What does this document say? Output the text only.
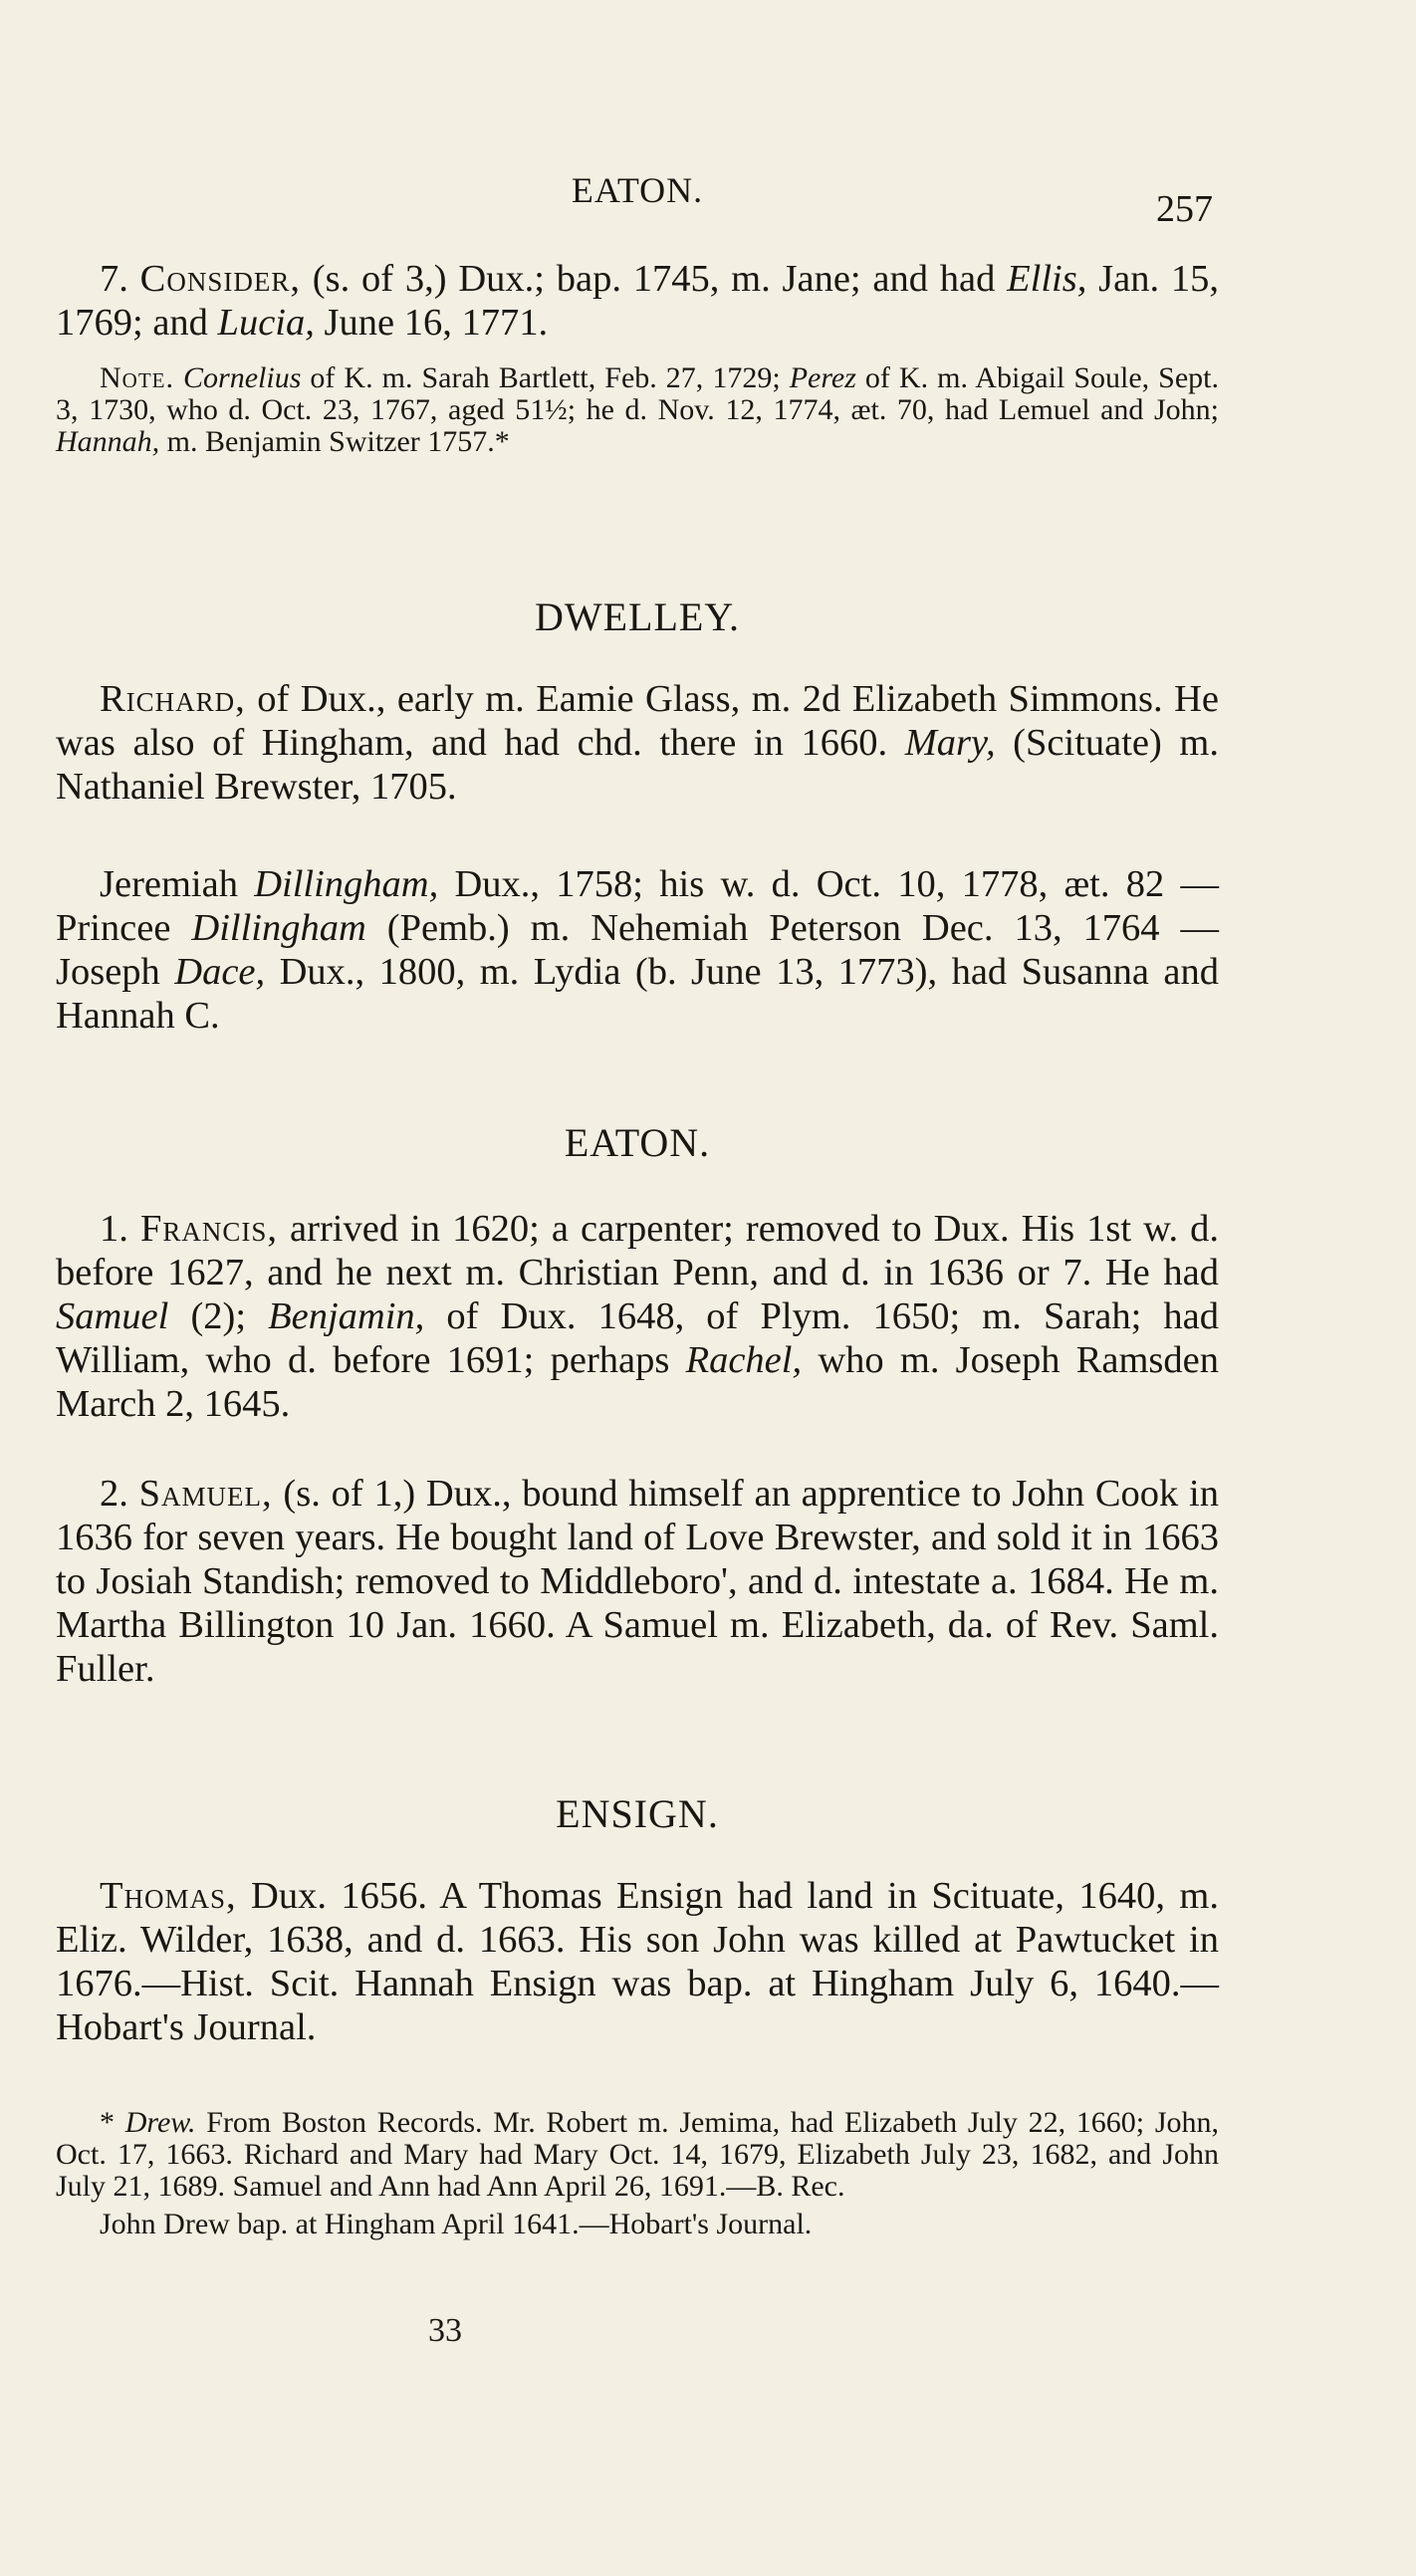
EATON.	257

7. Consider, (s. of 3,) Dux.; bap. 1745, m. Jane; and had Ellis, Jan. 15, 1769; and Lucia, June 16, 1771.

Note. Cornelius of K. m. Sarah Bartlett, Feb. 27, 1729; Perez of K. m. Abigail Soule, Sept. 3, 1730, who d. Oct. 23, 1767, aged 51½; he d. Nov. 12, 1774, æt. 70, had Lemuel and John; Hannah, m. Benjamin Switzer 1757.*

DWELLEY.

Richard, of Dux., early m. Eamie Glass, m. 2d Elizabeth Simmons. He was also of Hingham, and had chd. there in 1660. Mary, (Scituate) m. Nathaniel Brewster, 1705.

Jeremiah Dillingham, Dux., 1758; his w. d. Oct. 10, 1778, æt. 82 — Princee Dillingham (Pemb.) m. Nehemiah Peterson Dec. 13, 1764 — Joseph Dace, Dux., 1800, m. Lydia (b. June 13, 1773), had Susanna and Hannah C.

EATON.

1. Francis, arrived in 1620; a carpenter; removed to Dux. His 1st w. d. before 1627, and he next m. Christian Penn, and d. in 1636 or 7. He had Samuel (2); Benjamin, of Dux. 1648, of Plym. 1650; m. Sarah; had William, who d. before 1691; perhaps Rachel, who m. Joseph Ramsden March 2, 1645.

2. Samuel, (s. of 1,) Dux., bound himself an apprentice to John Cook in 1636 for seven years. He bought land of Love Brewster, and sold it in 1663 to Josiah Standish; removed to Middleboro', and d. intestate a. 1684. He m. Martha Billington 10 Jan. 1660. A Samuel m. Elizabeth, da. of Rev. Saml. Fuller.

ENSIGN.

Thomas, Dux. 1656. A Thomas Ensign had land in Scituate, 1640, m. Eliz. Wilder, 1638, and d. 1663. His son John was killed at Pawtucket in 1676.—Hist. Scit. Hannah Ensign was bap. at Hingham July 6, 1640.—Hobart's Journal.

* Drew. From Boston Records. Mr. Robert m. Jemima, had Elizabeth July 22, 1660; John, Oct. 17, 1663. Richard and Mary had Mary Oct. 14, 1679, Elizabeth July 23, 1682, and John July 21, 1689. Samuel and Ann had Ann April 26, 1691.—B. Rec.

John Drew bap. at Hingham April 1641.—Hobart's Journal.

33
